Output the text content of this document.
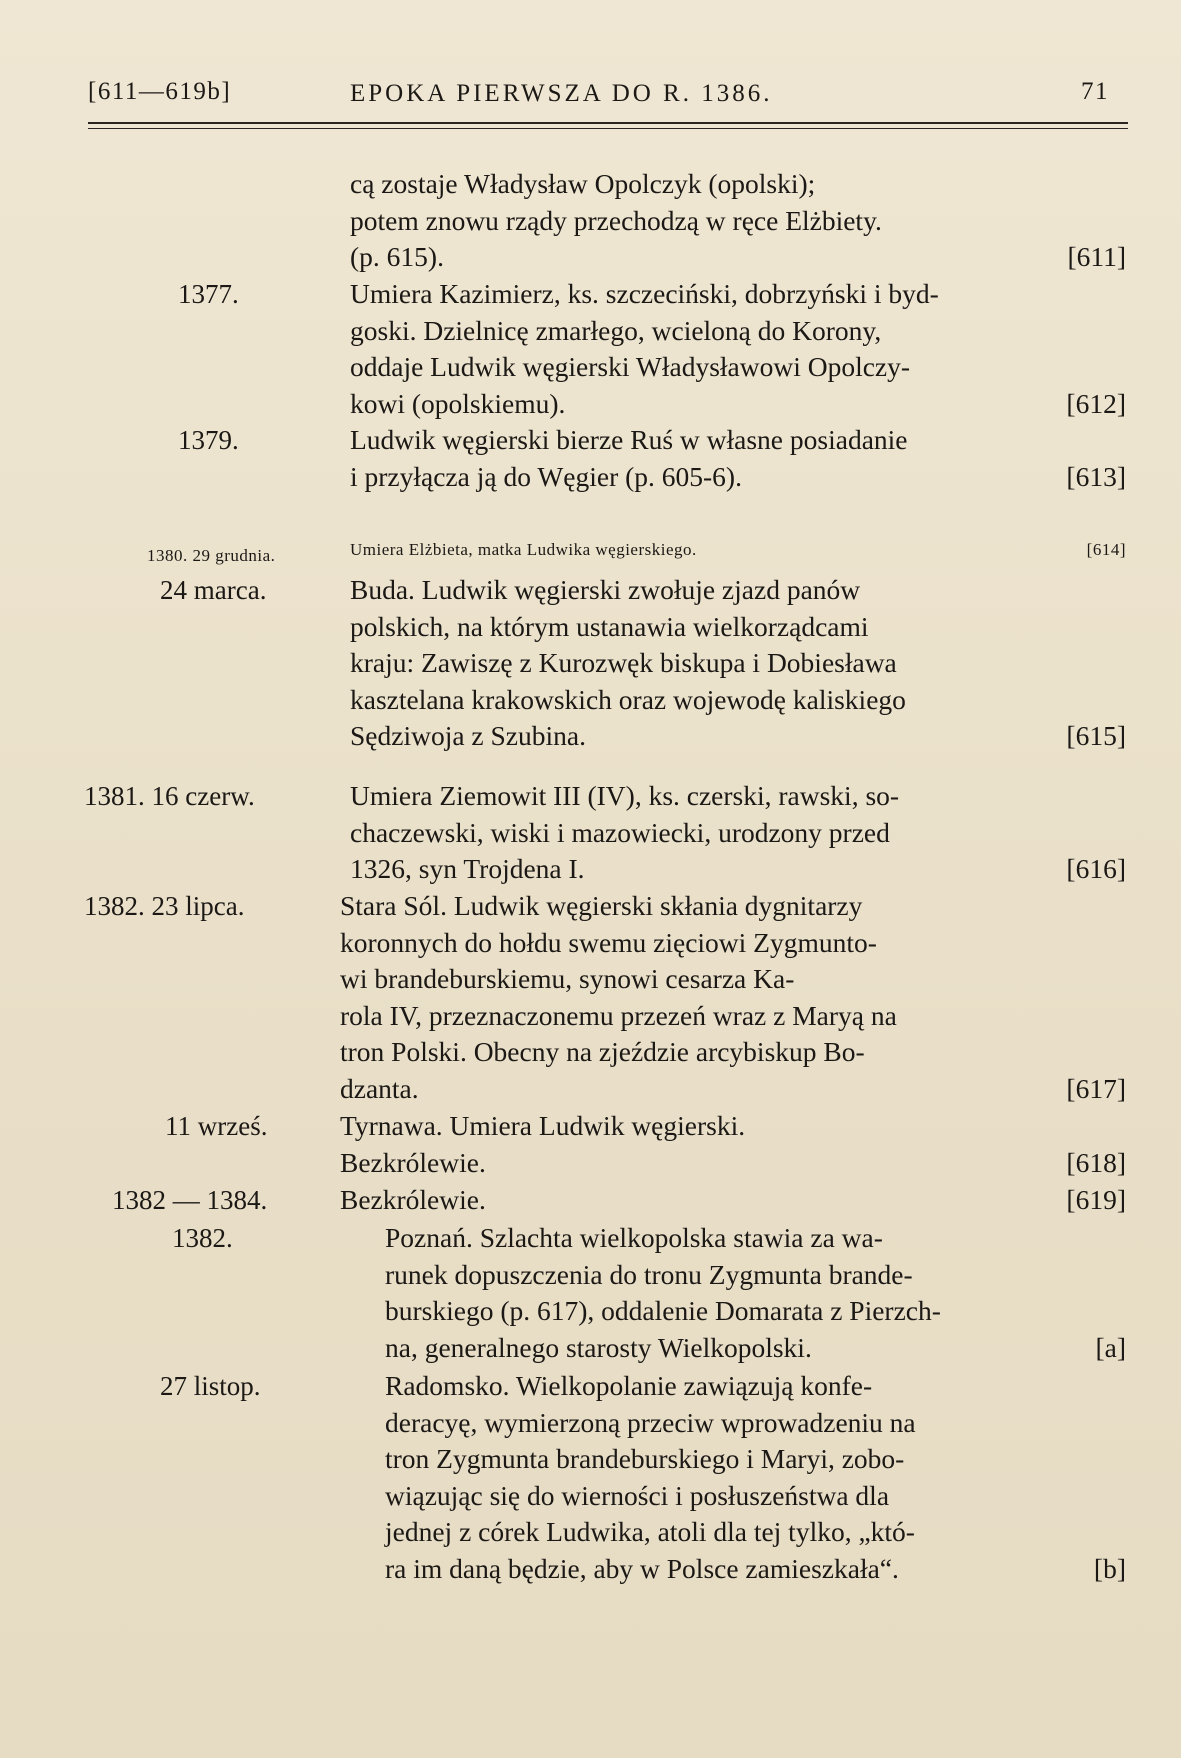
[611—619b]	EPOKA PIERWSZA DO R. 1386.	71
cą zostaje Władysław Opolczyk (opolski);
potem znowu rządy przechodzą w ręce Elżbiety.
(p. 615).	[611]
1377.	Umiera Kazimierz, ks. szczeciński, dobrzyński i byd-
goski. Dzielnicę zmarłego, wcieloną do Korony,
oddaje Ludwik węgierski Władysławowi Opolczy-
kowi (opolskiemu).	[612]
1379.	Ludwik węgierski bierze Ruś w własne posiadanie
i przyłącza ją do Węgier (p. 605-6).	[613]
1380. 29 grudnia.	Umiera Elżbieta, matka Ludwika węgierskiego.	[614]
24 marca.	Buda. Ludwik węgierski zwołuje zjazd panów
polskich, na którym ustanawia wielkorządcami
kraju: Zawiszę z Kurozwęk biskupa i Dobiesława
kasztelana krakowskich oraz wojewodę kaliskiego
Sędziwoja z Szubina.	[615]
1381. 16 czerw.	Umiera Ziemowit III (IV), ks. czerski, rawski, so-
chaczewski, wiski i mazowiecki, urodzony przed
1326, syn Trojdena I.	[616]
1382. 23 lipca.	Stara Sól. Ludwik węgierski skłania dygnitarzy
koronnych do hołdu swemu zięciowi Zygmunto-
wi brandeburskiemu, synowi cesarza Ka-
rola IV, przeznaczonemu przezeń wraz z Maryą na
tron Polski. Obecny na zjeździe arcybiskup Bo-
dzanta.	[617]
11 wrześ.	Tyrnawa. Umiera Ludwik węgierski.
Bezkrólewie.	[618]
1382 — 1384.	Bezkrólewie.	[619]
1382.	Poznań. Szlachta wielkopolska stawia za wa-
runek dopuszczenia do tronu Zygmunta brande-
burskiego (p. 617), oddalenie Domarata z Pierzch-
na, generalnego starosty Wielkopolski.	[a]
27 listop.	Radomsko. Wielkopolanie zawiązują konfe-
deracyę, wymierzoną przeciw wprowadzeniu na
tron Zygmunta brandeburskiego i Maryi, zobo-
wiązując się do wierności i posłuszeństwa dla
jednej z córek Ludwika, atoli dla tej tylko, „któ-
ra im daną będzie, aby w Polsce zamieszkała“.	[b]
